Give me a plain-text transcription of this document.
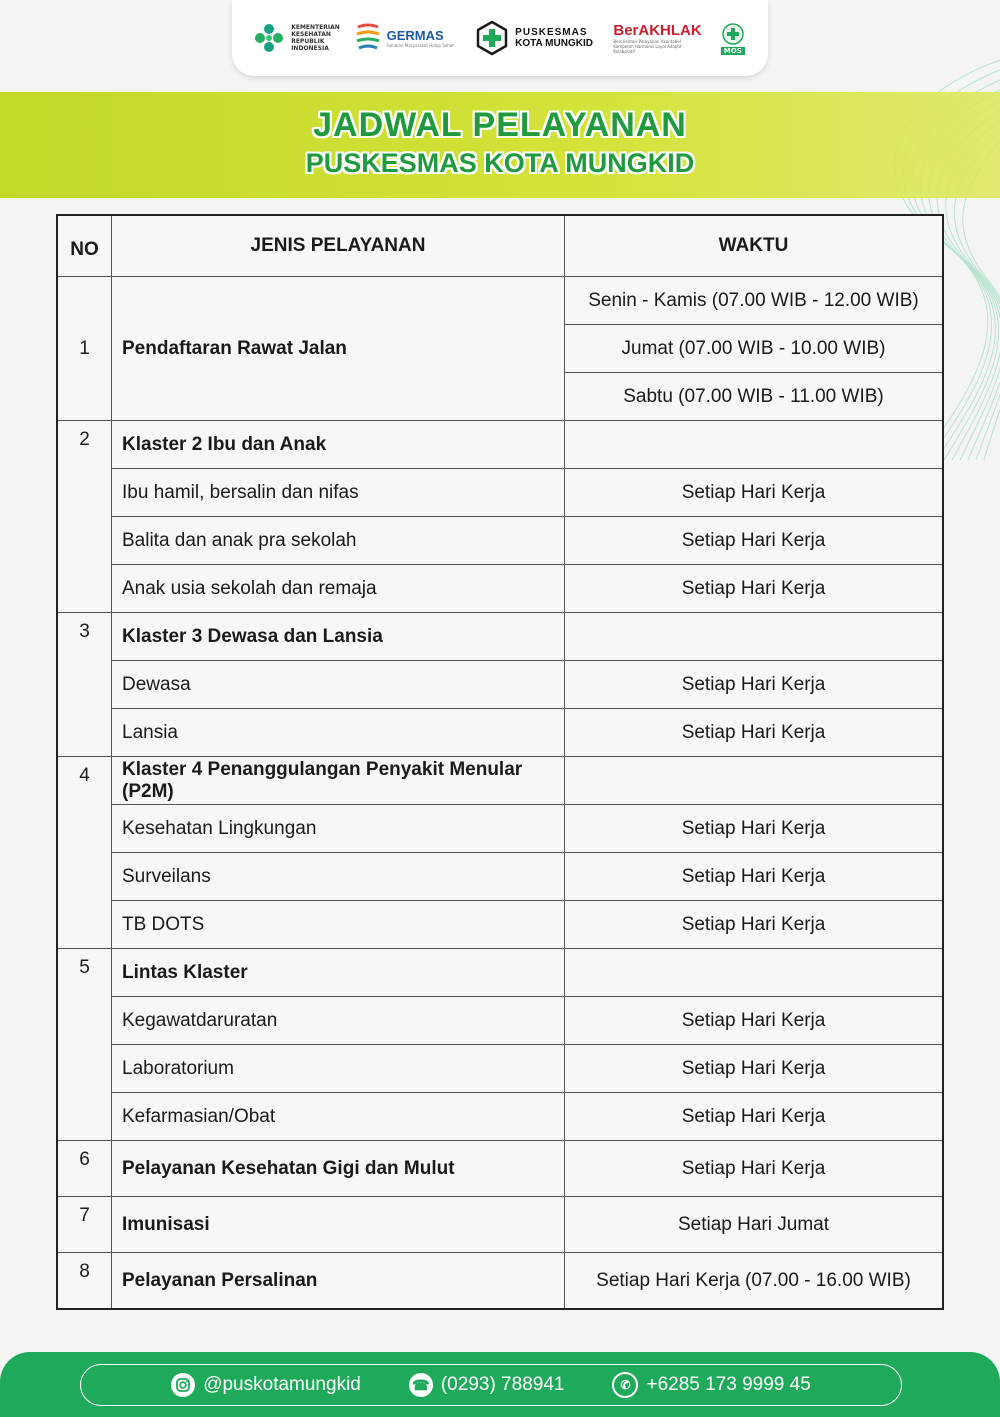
KEMENTERIAN KESEHATAN REPUBLIK INDONESIA
GERMAS
Gerakan Masyarakat Hidup Sehat
PUSKESMAS
KOTA MUNGKID
BerAKHLAK
Berorientasi Pelayanan Akuntabel Kompeten Harmonis Loyal Adaptif Kolaboratif	MOS
JADWAL PELAYANAN
PUSKESMAS KOTA MUNGKID
NO	JENIS PELAYANAN	WAKTU
1	Pendaftaran Rawat Jalan	Senin - Kamis (07.00 WIB - 12.00 WIB)
		Jumat (07.00 WIB - 10.00 WIB)
		Sabtu (07.00 WIB - 11.00 WIB)
2	Klaster 2 Ibu dan Anak	
	Ibu hamil, bersalin dan nifas	Setiap Hari Kerja
	Balita dan anak pra sekolah	Setiap Hari Kerja
	Anak usia sekolah dan remaja	Setiap Hari Kerja
3	Klaster 3 Dewasa dan Lansia	
	Dewasa	Setiap Hari Kerja
	Lansia	Setiap Hari Kerja
4	Klaster 4 Penanggulangan Penyakit Menular (P2M)	
	Kesehatan Lingkungan	Setiap Hari Kerja
	Surveilans	Setiap Hari Kerja
	TB DOTS	Setiap Hari Kerja
5	Lintas Klaster	
	Kegawatdaruratan	Setiap Hari Kerja
	Laboratorium	Setiap Hari Kerja
	Kefarmasian/Obat	Setiap Hari Kerja
6	Pelayanan Kesehatan Gigi dan Mulut	Setiap Hari Kerja
7	Imunisasi	Setiap Hari Jumat
8	Pelayanan Persalinan	Setiap Hari Kerja (07.00 - 16.00 WIB)
@puskotamungkid	☎ (0293) 788941	✆ +6285 173 9999 45
